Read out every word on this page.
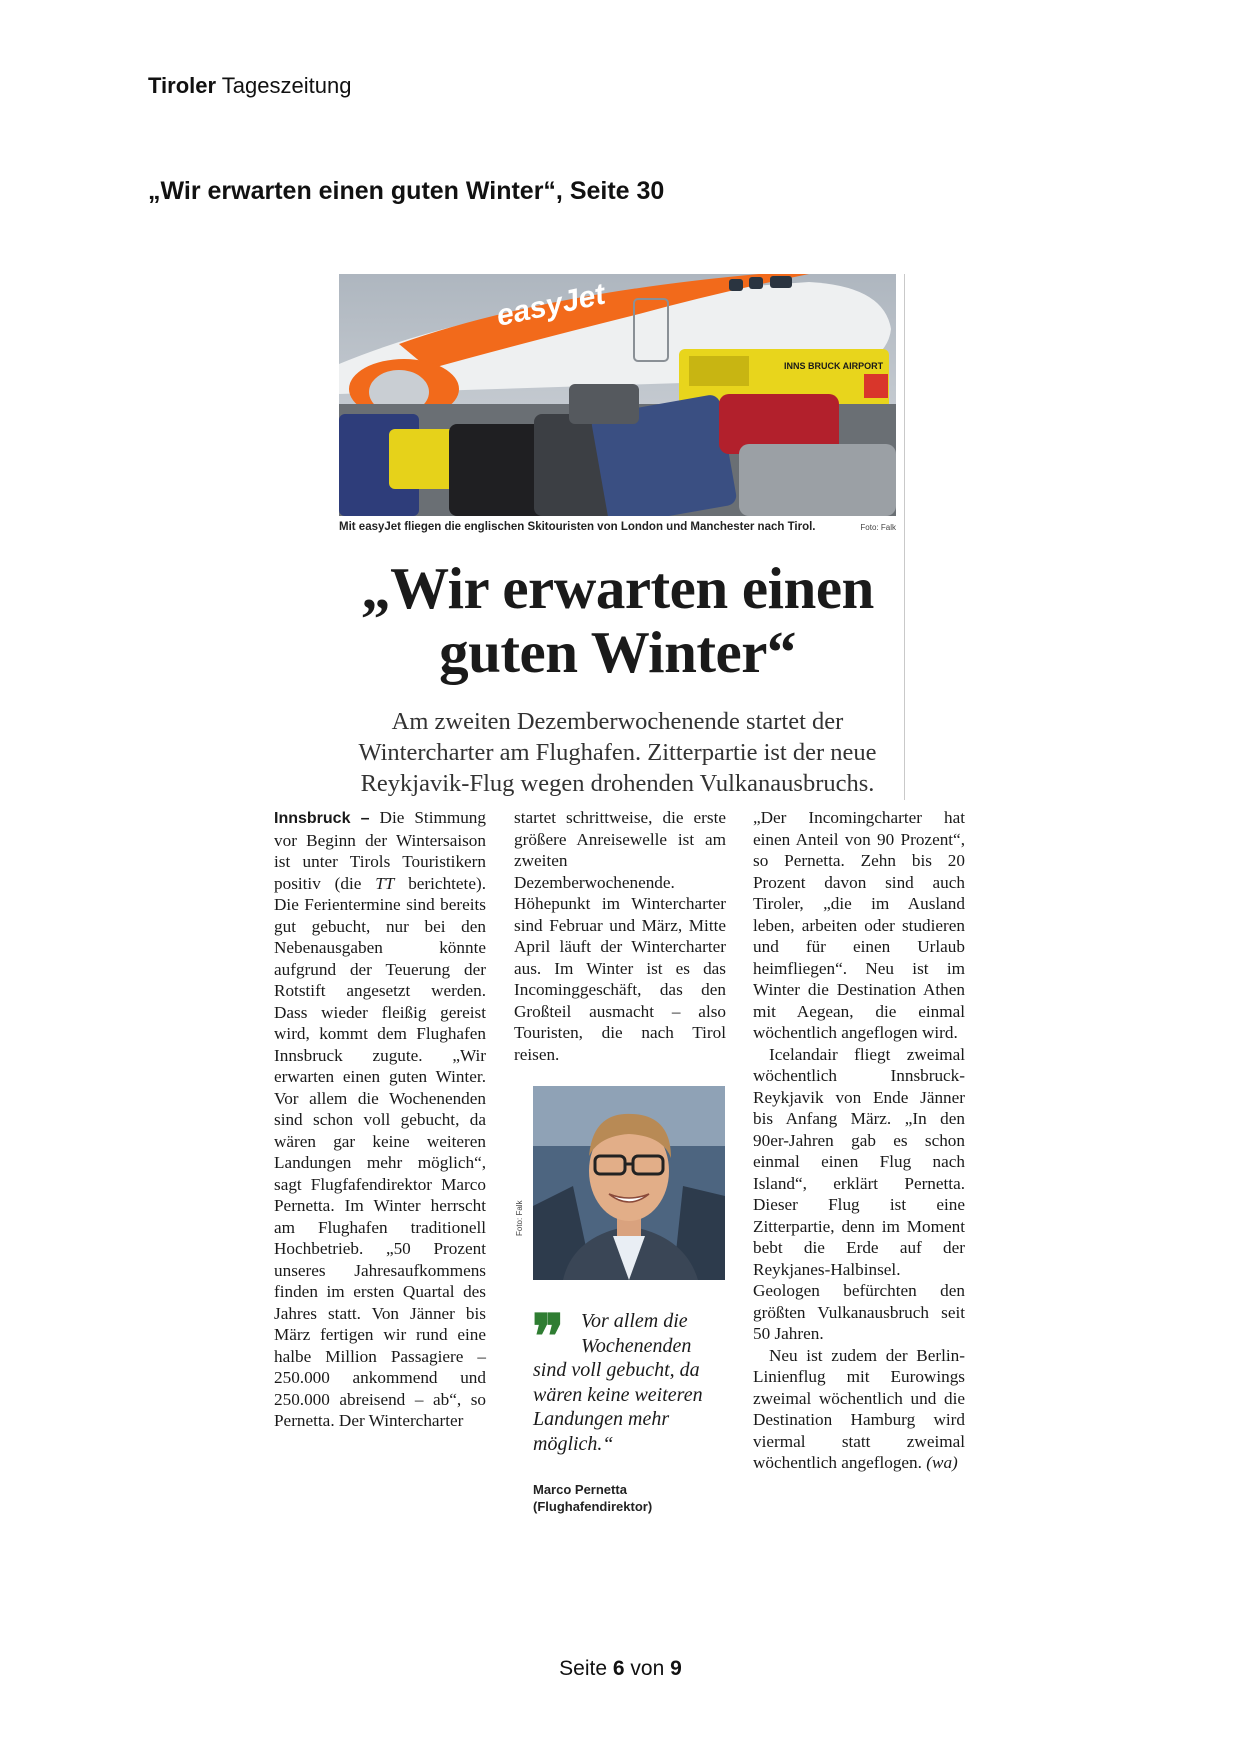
Tiroler Tageszeitung
„Wir erwarten einen guten Winter“, Seite 30
easyJet
INNS BRUCK AIRPORT
Mit easyJet fliegen die englischen Skitouristen von London und Manchester nach Tirol.	Foto: Falk
„Wir erwarten einen
guten Winter“
Am zweiten Dezemberwochenende startet der
Wintercharter am Flughafen. Zitterpartie ist der neue
Reykjavik-Flug wegen drohenden Vulkanausbruchs.

Innsbruck – Die Stimmung vor Beginn der Wintersaison ist unter Tirols Touristikern positiv (die TT berichtete). Die Ferientermine sind bereits gut gebucht, nur bei den Nebenausgaben könnte aufgrund der Teuerung der Rotstift angesetzt werden. Dass wieder fleißig gereist wird, kommt dem Flughafen Innsbruck zugute. „Wir erwarten einen guten Winter. Vor allem die Wochenenden sind schon voll gebucht, da wären gar keine weiteren Landungen mehr möglich“, sagt Flugfafendirektor Marco Pernetta. Im Winter herrscht am Flughafen traditionell Hochbetrieb. „50 Prozent unseres Jahresaufkommens finden im ersten Quartal des Jahres statt. Von Jänner bis März fertigen wir rund eine halbe Million Passagiere – 250.000 ankommend und 250.000 abreisend – ab“, so Pernetta. Der Wintercharter

startet schrittweise, die erste größere Anreisewelle ist am zweiten Dezemberwochenende. Höhepunkt im Wintercharter sind Februar und März, Mitte April läuft der Wintercharter aus. Im Winter ist es das Incominggeschäft, das den Großteil ausmacht – also Touristen, die nach Tirol reisen.

Foto: Falk
❞ Vor allem die Wochenenden
sind voll gebucht, da wären keine weiteren Landungen mehr möglich.“
Marco Pernetta
(Flughafendirektor)

„Der Incomingcharter hat einen Anteil von 90 Prozent“, so Pernetta. Zehn bis 20 Prozent davon sind auch Tiroler, „die im Ausland leben, arbeiten oder studieren und für einen Urlaub heimfliegen“. Neu ist im Winter die Destination Athen mit Aegean, die einmal wöchentlich angeflogen wird.

Icelandair fliegt zweimal wöchentlich Innsbruck-Reykjavik von Ende Jänner bis Anfang März. „In den 90er-Jahren gab es schon einmal einen Flug nach Island“, erklärt Pernetta. Dieser Flug ist eine Zitterpartie, denn im Moment bebt die Erde auf der Reykjanes-Halbinsel. Geologen befürchten den größten Vulkanausbruch seit 50 Jahren.

Neu ist zudem der Berlin-Linienflug mit Eurowings zweimal wöchentlich und die Destination Hamburg wird viermal statt zweimal wöchentlich angeflogen. (wa)

Seite 6 von 9
